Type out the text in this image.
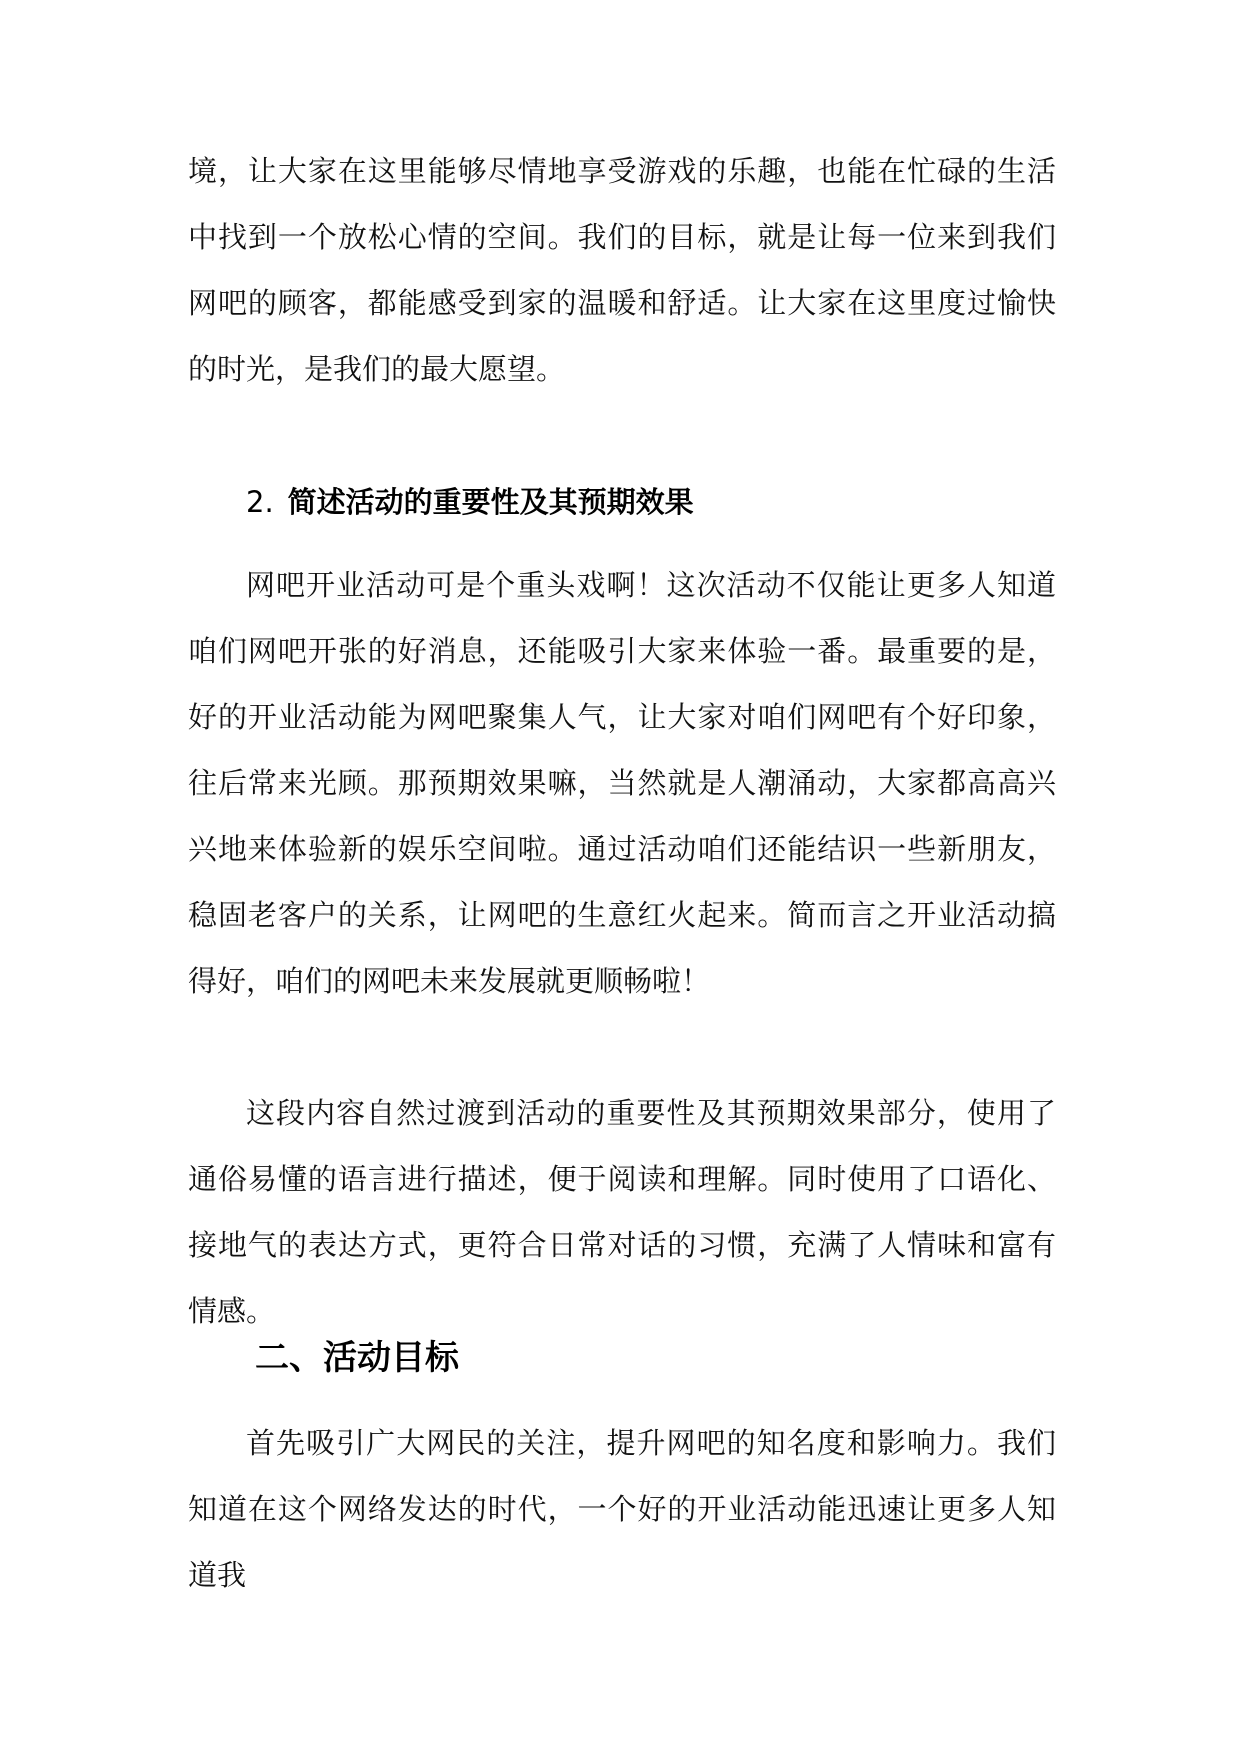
境，让大家在这里能够尽情地享受游戏的乐趣，也能在忙碌的生活中找到一个放松心情的空间。我们的目标，就是让每一位来到我们网吧的顾客，都能感受到家的温暖和舒适。让大家在这里度过愉快的时光，是我们的最大愿望。

2. 简述活动的重要性及其预期效果

网吧开业活动可是个重头戏啊！这次活动不仅能让更多人知道咱们网吧开张的好消息，还能吸引大家来体验一番。最重要的是，好的开业活动能为网吧聚集人气，让大家对咱们网吧有个好印象，往后常来光顾。那预期效果嘛，当然就是人潮涌动，大家都高高兴兴地来体验新的娱乐空间啦。通过活动咱们还能结识一些新朋友，稳固老客户的关系，让网吧的生意红火起来。简而言之开业活动搞得好，咱们的网吧未来发展就更顺畅啦！

这段内容自然过渡到活动的重要性及其预期效果部分，使用了通俗易懂的语言进行描述，便于阅读和理解。同时使用了口语化、接地气的表达方式，更符合日常对话的习惯，充满了人情味和富有情感。

二、活动目标

首先吸引广大网民的关注，提升网吧的知名度和影响力。我们知道在这个网络发达的时代，一个好的开业活动能迅速让更多人知道我
